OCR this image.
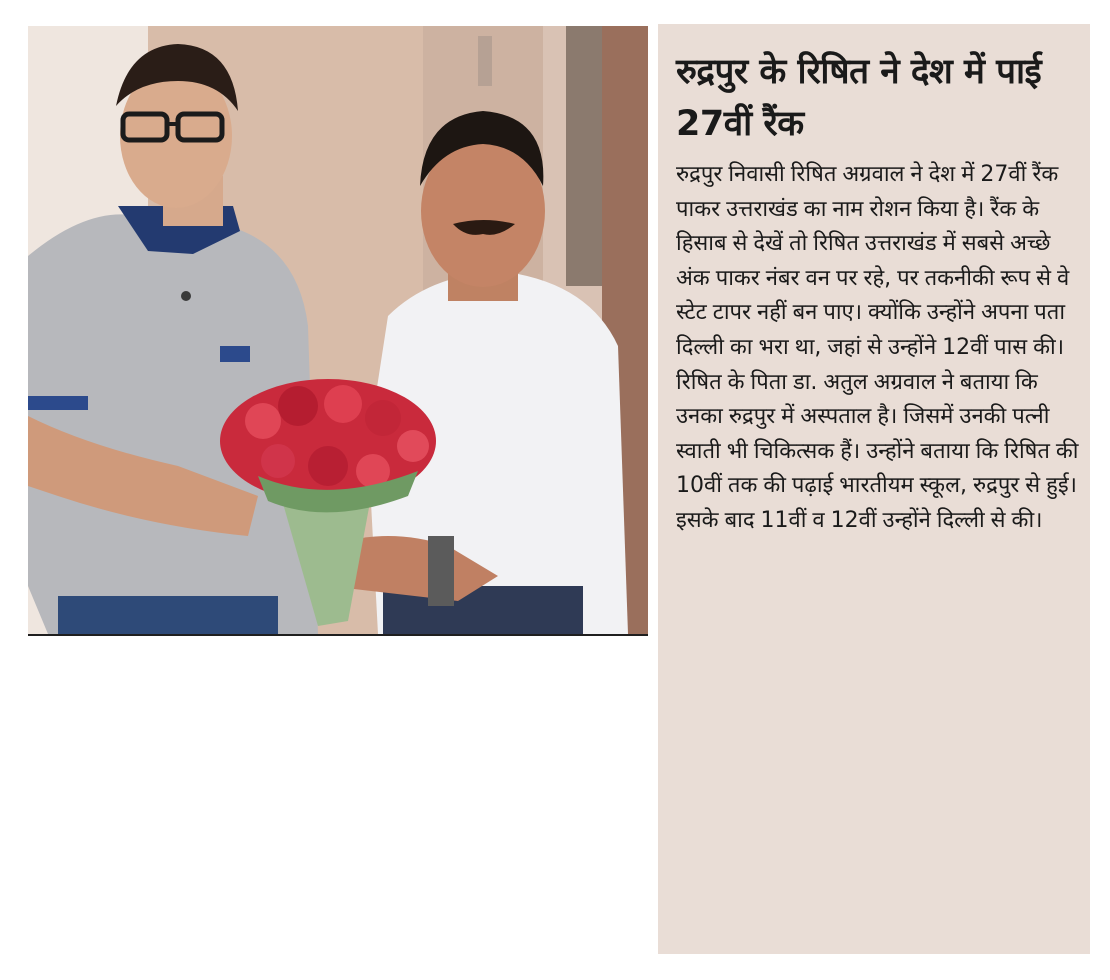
रुद्रपुर के रिषित ने देश में पाई 27वीं रैंक

रुद्रपुर निवासी रिषित अग्रवाल ने देश में 27वीं रैंक पाकर उत्तराखंड का नाम रोशन किया है। रैंक के हिसाब से देखें तो रिषित उत्तराखंड में सबसे अच्छे अंक पाकर नंबर वन पर रहे, पर तकनीकी रूप से वे स्टेट टापर नहीं बन पाए। क्योंकि उन्होंने अपना पता दिल्ली का भरा था, जहां से उन्होंने 12वीं पास की। रिषित के पिता डा. अतुल अग्रवाल ने बताया कि उनका रुद्रपुर में अस्पताल है। जिसमें उनकी पत्नी स्वाती भी चिकित्सक हैं। उन्होंने बताया कि रिषित की 10वीं तक की पढ़ाई भारतीयम स्कूल, रुद्रपुर से हुई। इसके बाद 11वीं व 12वीं उन्होंने दिल्ली से की।
